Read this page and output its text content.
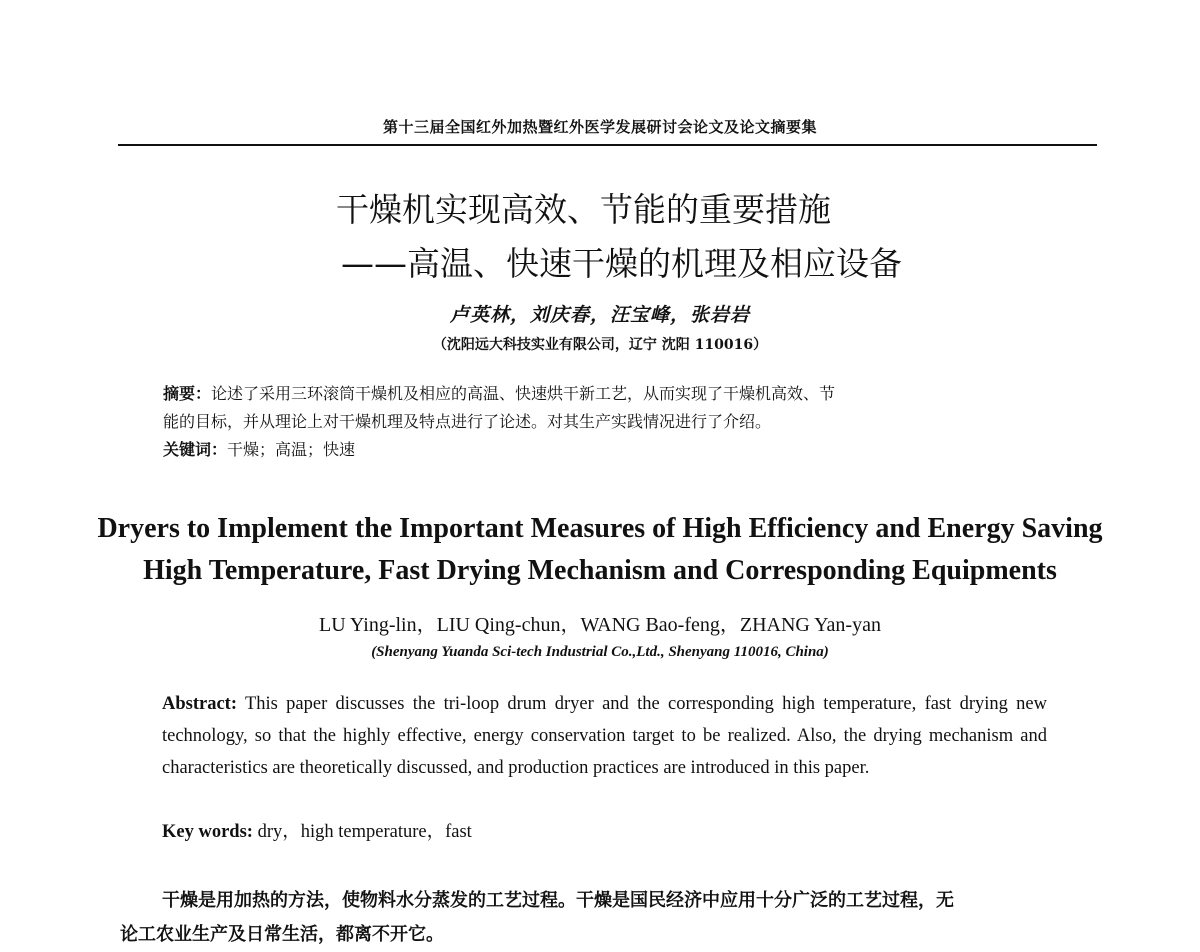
第十三届全国红外加热暨红外医学发展研讨会论文及论文摘要集
干燥机实现高效、节能的重要措施
——高温、快速干燥的机理及相应设备
卢英林，刘庆春，汪宝峰，张岩岩
（沈阳远大科技实业有限公司，辽宁 沈阳 110016）
摘要：论述了采用三环滚筒干燥机及相应的高温、快速烘干新工艺，从而实现了干燥机高效、节
能的目标，并从理论上对干燥机理及特点进行了论述。对其生产实践情况进行了介绍。
关键词：干燥；高温；快速
Dryers to Implement the Important Measures of High Efficiency and Energy Saving
High Temperature, Fast Drying Mechanism and Corresponding Equipments
LU Ying-lin，LIU Qing-chun，WANG Bao-feng，ZHANG Yan-yan
(Shenyang Yuanda Sci-tech Industrial Co.,Ltd., Shenyang 110016, China)
Abstract: This paper discusses the tri-loop drum dryer and the corresponding high temperature, fast drying new technology, so that the highly effective, energy conservation target to be realized. Also, the drying mechanism and characteristics are theoretically discussed, and production practices are introduced in this paper.
Key words: dry，high temperature，fast
干燥是用加热的方法，使物料水分蒸发的工艺过程。干燥是国民经济中应用十分广泛的工艺过程，无
论工农业生产及日常生活，都离不开它。
